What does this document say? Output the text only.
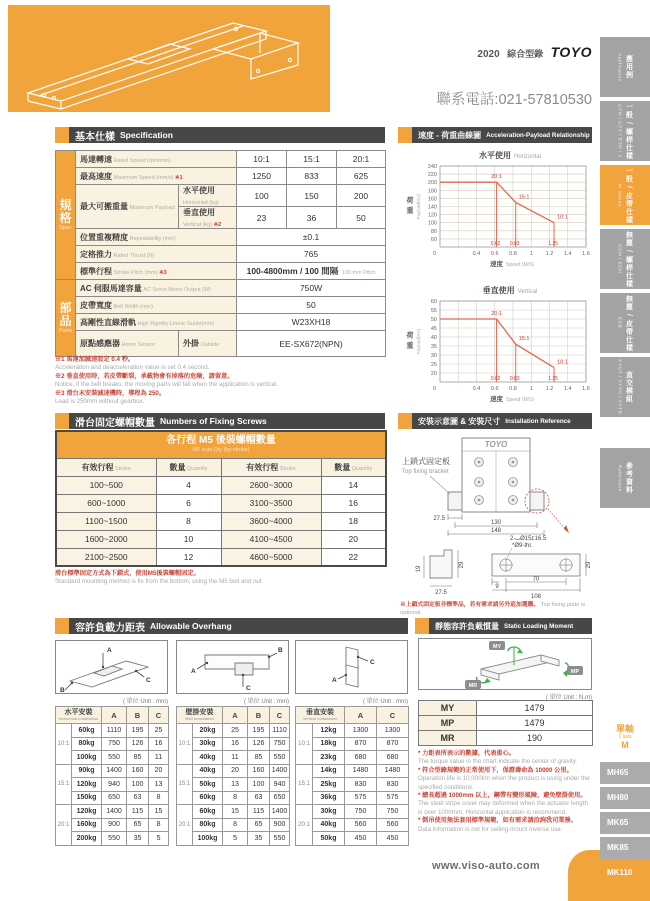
2020 綜合型錄 TOYO
聯系電話:021-57810530
基本仕樣 Specification	速度 - 荷重曲線圖 Acceleration-Payload Relationship
滑台固定螺帽數量 Numbers of Fixing Screws	安裝示意圖 & 安裝尺寸 Installation Reference
容許負載力距表 Allowable Overhang	靜態容許負載慣量 Static Loading Moment
規
格
Spec	馬達轉速 Rated Speed (rpm/min)		10:1	15:1	20:1
	最高速度 Maximum Speed (mm/s) ※1		1250	833	625
	最大可搬重量 Maximum Payload	水平使用 Horizontal (kg)	100	150	200
		垂直使用 Vertical (kg) ※2	23	36	50
	位置重複精度 Repeatability (mm)		±0.1		
	定格推力 Rated Thrust (N)		765		
	標準行程 Stroke Pitch (mm) ※3		100-4800mm / 100 間隔 100 mm Pitch		

部
品
Parts	AC 伺服馬達容量 AC Servo Motor Output (W)		750W		
	皮帶寬度 Belt Width (mm)		50		
	高剛性直線滑軌 High Rigidity Linear Guide(mm)		W23XH18		
	原點感應器 Home Sensor	外掛 Outside	EE-SX672(NPN)		
※1 馬達加減速設定 0.4 秒。
Acceleration and deacceleration value is set 0.4 second.
※2 垂直使用時，若皮帶斷裂，承載物會有掉落的危險，請留意。
Notice, if the belt breaks, the moving parts will fall when the application is vertical.
※3 滑台未安裝減速機時，導程為 250。
Lead is 250mm without gearbox.
水平使用 Horizontal
60
80
100
120
140
160
180
200
220
240
0.4 0.6 0.8 1 1.2 1.4 1.6
0
0.62
20:1
0.83
15:1
1.25
10:1
荷
重 Payload(KG)
速度 Speed (M/S)
垂直使用 Vertical
20
25
30
35
40
45
50
55
60
0.4 0.6 0.8 1 1.2 1.4 1.6
0
0.62
20:1
0.83
15:1
1.25
10:1
荷
重 Payload(KG)
速度 Speed (M/S)
各行程 M5 後裝螺帽數量
M5 nuts Qty (by stroke)			

有效行程 Stroke	數量 Quantity	有效行程 Stroke	數量 Quantity
100~500	4	2600~3000	14
600~1000	6	3100~3500	16
1100~1500	8	3600~4000	18
1600~2000	10	4100~4500	20
2100~2500	12	4600~5000	22
滑台標準固定方式為下鎖式，使用M5後裝螺帽固定。
Standard mounting method is fix from the bottom, using the M5 bolt and nut
TOYO
上鎖式固定板
Top fixing bracket
27.5
130
148
19
29
27.5
2-⌴Ø15↧16.5
*Ø9-thr.
9
70
108
29
※上鎖式固定板非標準品，若有需求請另外追加選購。 Top fixing plate is optional.
A
B
C
A
B
C
A
C
( 單位 Unit : mm)	( 單位 Unit : mm)	( 單位 Unit : mm)
( 單位 Unit : N.m)
水平安裝
Horizontal Installation		A	B	C
10:1	60kg	1110	195	25
	80kg	750	126	16
	100kg	550	85	11
15:1	90kg	1400	160	20
	120kg	940	100	13
	150kg	650	63	8
20:1	120kg	1400	115	15
	160kg	900	65	8
	200kg	550	35	5
壁掛安裝
Wall Installation		A	B	C
10:1	20kg	25	195	1110
	30kg	16	126	750
	40kg	11	85	550
15:1	40kg	20	160	1400
	50kg	13	100	940
	60kg	8	63	650
20:1	60kg	15	115	1400
	80kg	8	65	900
	100kg	5	35	550
垂直安裝
Vertical Installation		A	C
10:1	12kg	1300	1300
	18kg	870	870
	23kg	680	680
15:1	14kg	1480	1480
	25kg	830	830
	36kg	575	575
20:1	30kg	750	750
	40kg	560	560
	50kg	450	450
MY
MP
MR
MY	1479
MP	1479
MR	190
* 力距表所表示的數據，代表重心。
The torque value in the chart indicate the center of gravity.
* 符合型錄規範的正常使用下，保證壽命為 10000 公里。
Operation life is 10,000km when the product is using under the specified conditions.
* 總長超過 1000mm 以上，鋼帶有變形風險，避免壁掛使用。
The steel stripe cover may deformed when the actuator length is over 1000mm. Horizontal application is recommend.
* 倒吊使用無法套用標準規範，如有需求請洽詢我司業務。
Data information is not for ceiling-mount inverse use.
www.viso-auto.com
應用例
Application
一般 / 螺桿仕樣
GTH / GTY / ETH / Y
一般 / 皮帶仕樣
M Series
無塵 / 螺桿仕樣
GCH / ECH
無塵 / 皮帶仕樣
ECB
直交模組
XYGT / XYTH / XYTB
參考資料
Reference
單軸
1 axis
M
MH65
MH80
MK65
MK85
MK110
